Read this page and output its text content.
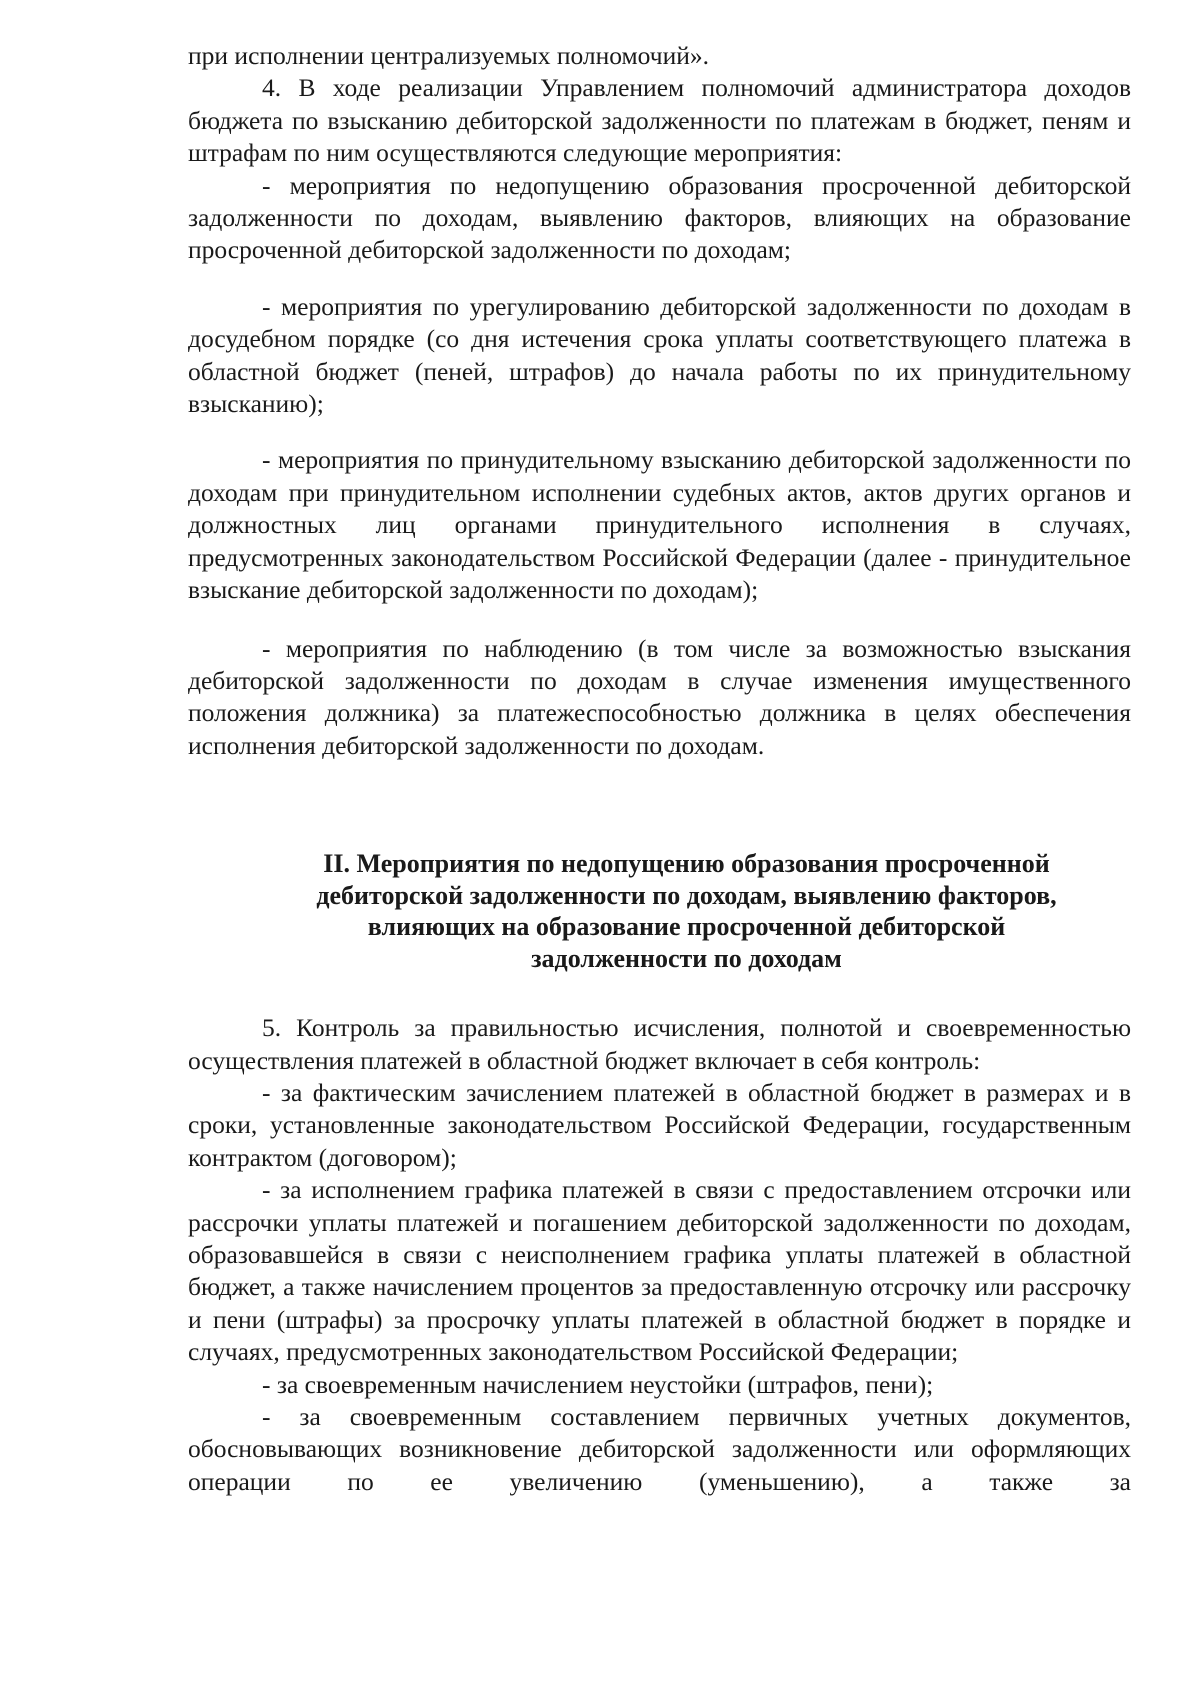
при исполнении централизуемых полномочий».

4. В ходе реализации Управлением полномочий администратора доходов бюджета по взысканию дебиторской задолженности по платежам в бюджет, пеням и штрафам по ним осуществляются следующие мероприятия:

- мероприятия по недопущению образования просроченной дебиторской задолженности по доходам, выявлению факторов, влияющих на образование просроченной дебиторской задолженности по доходам;

- мероприятия по урегулированию дебиторской задолженности по доходам в досудебном порядке (со дня истечения срока уплаты соответствующего платежа в областной бюджет (пеней, штрафов) до начала работы по их принудительному взысканию);

- мероприятия по принудительному взысканию дебиторской задолженности по доходам при принудительном исполнении судебных актов, актов других органов и должностных лиц органами принудительного исполнения в случаях, предусмотренных законодательством Российской Федерации (далее - принудительное взыскание дебиторской задолженности по доходам);

- мероприятия по наблюдению (в том числе за возможностью взыскания дебиторской задолженности по доходам в случае изменения имущественного положения должника) за платежеспособностью должника в целях обеспечения исполнения дебиторской задолженности по доходам.

II. Мероприятия по недопущению образования просроченной
дебиторской задолженности по доходам, выявлению факторов,
влияющих на образование просроченной дебиторской
задолженности по доходам

5. Контроль за правильностью исчисления, полнотой и своевременностью осуществления платежей в областной бюджет включает в себя контроль:

- за фактическим зачислением платежей в областной бюджет в размерах и в сроки, установленные законодательством Российской Федерации, государственным контрактом (договором);

- за исполнением графика платежей в связи с предоставлением отсрочки или рассрочки уплаты платежей и погашением дебиторской задолженности по доходам, образовавшейся в связи с неисполнением графика уплаты платежей в областной бюджет, а также начислением процентов за предоставленную отсрочку или рассрочку и пени (штрафы) за просрочку уплаты платежей в областной бюджет в порядке и случаях, предусмотренных законодательством Российской Федерации;

- за своевременным начислением неустойки (штрафов, пени);

- за своевременным составлением первичных учетных документов, обосновывающих возникновение дебиторской задолженности или оформляющих операции по ее увеличению (уменьшению), а также за
